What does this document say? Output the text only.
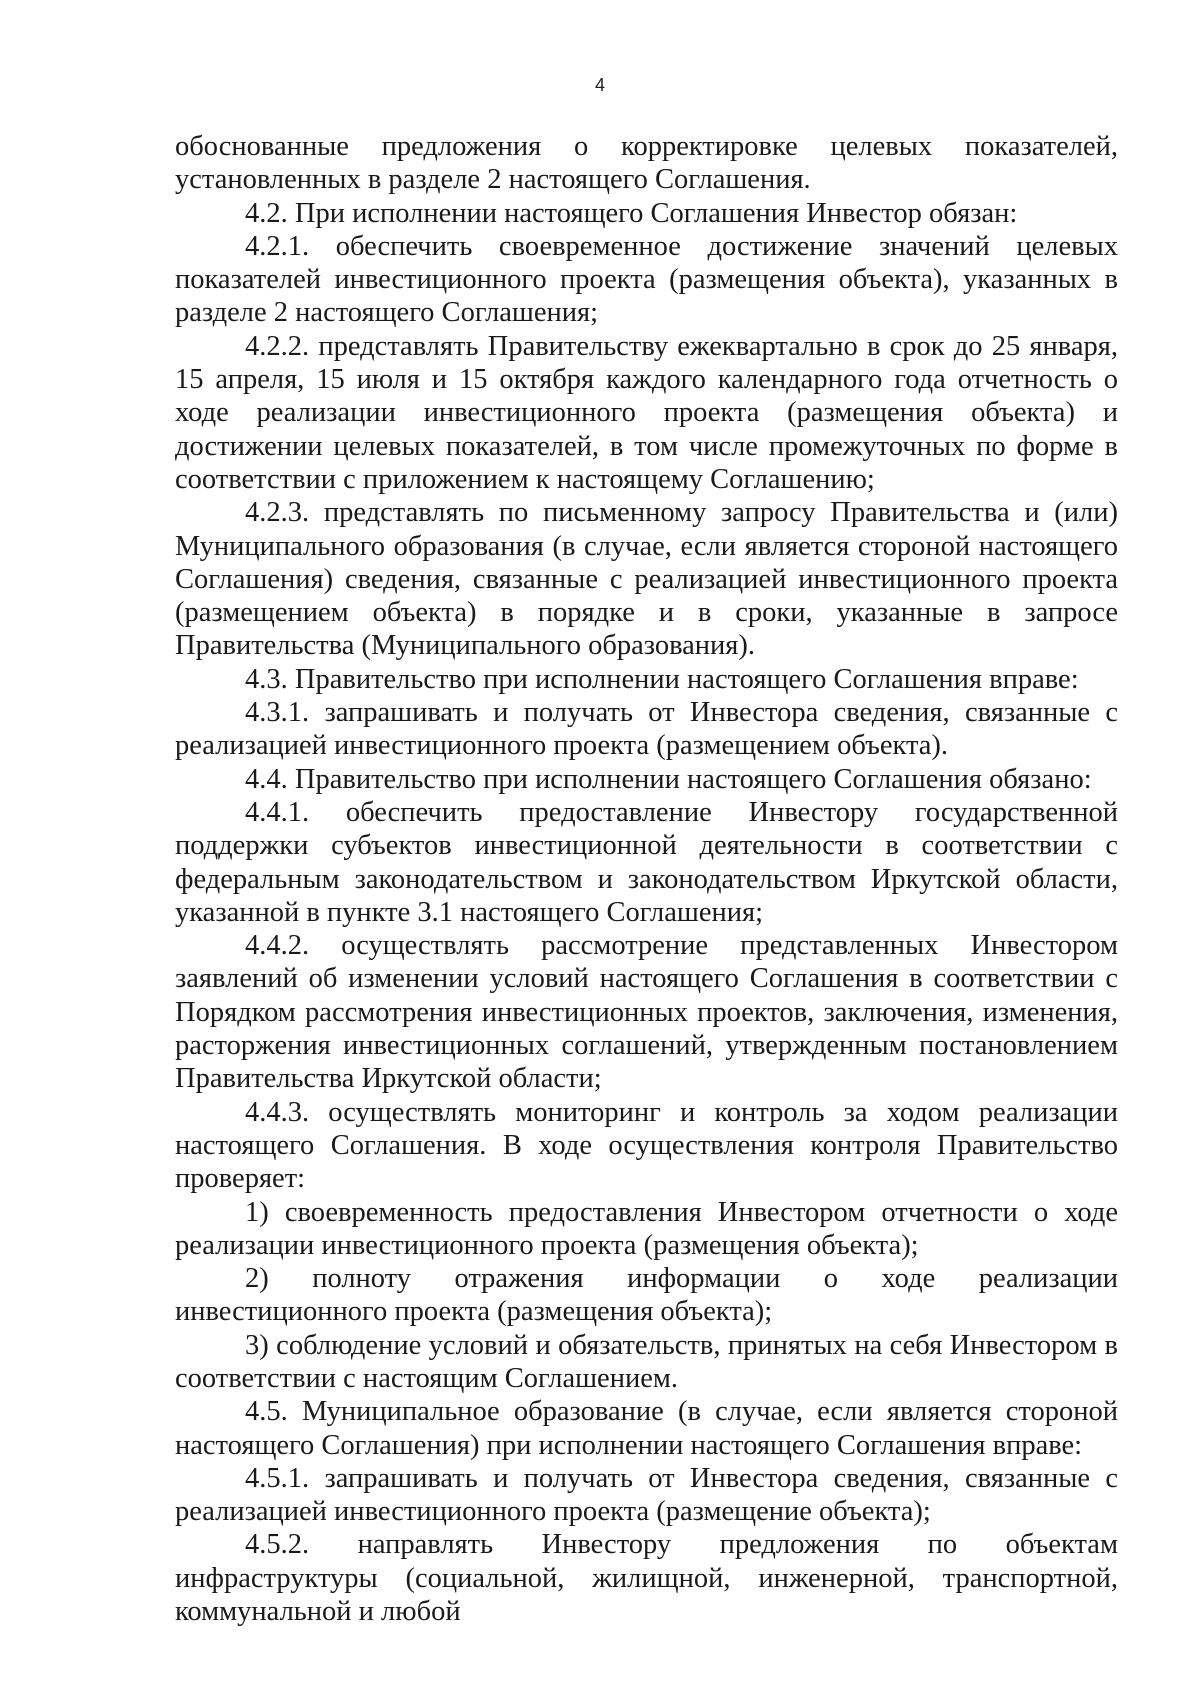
4

обоснованные предложения о корректировке целевых показателей, установленных в разделе 2 настоящего Соглашения.

4.2. При исполнении настоящего Соглашения Инвестор обязан:

4.2.1. обеспечить своевременное достижение значений целевых показателей инвестиционного проекта (размещения объекта), указанных в разделе 2 настоящего Соглашения;

4.2.2. представлять Правительству ежеквартально в срок до 25 января, 15 апреля, 15 июля и 15 октября каждого календарного года отчетность о ходе реализации инвестиционного проекта (размещения объекта) и достижении целевых показателей, в том числе промежуточных по форме в соответствии с приложением к настоящему Соглашению;

4.2.3. представлять по письменному запросу Правительства и (или) Муниципального образования (в случае, если является стороной настоящего Соглашения) сведения, связанные с реализацией инвестиционного проекта (размещением объекта) в порядке и в сроки, указанные в запросе Правительства (Муниципального образования).

4.3. Правительство при исполнении настоящего Соглашения вправе:

4.3.1. запрашивать и получать от Инвестора сведения, связанные с реализацией инвестиционного проекта (размещением объекта).

4.4. Правительство при исполнении настоящего Соглашения обязано:

4.4.1. обеспечить предоставление Инвестору государственной поддержки субъектов инвестиционной деятельности в соответствии с федеральным законодательством и законодательством Иркутской области, указанной в пункте 3.1 настоящего Соглашения;

4.4.2. осуществлять рассмотрение представленных Инвестором заявлений об изменении условий настоящего Соглашения в соответствии с Порядком рассмотрения инвестиционных проектов, заключения, изменения, расторжения инвестиционных соглашений, утвержденным постановлением Правительства Иркутской области;

4.4.3. осуществлять мониторинг и контроль за ходом реализации настоящего Соглашения. В ходе осуществления контроля Правительство проверяет:

1) своевременность предоставления Инвестором отчетности о ходе реализации инвестиционного проекта (размещения объекта);

2) полноту отражения информации о ходе реализации инвестиционного проекта (размещения объекта);

3) соблюдение условий и обязательств, принятых на себя Инвестором в соответствии с настоящим Соглашением.

4.5. Муниципальное образование (в случае, если является стороной настоящего Соглашения) при исполнении настоящего Соглашения вправе:

4.5.1. запрашивать и получать от Инвестора сведения, связанные с реализацией инвестиционного проекта (размещение объекта);

4.5.2. направлять Инвестору предложения по объектам инфраструктуры (социальной, жилищной, инженерной, транспортной, коммунальной и любой
